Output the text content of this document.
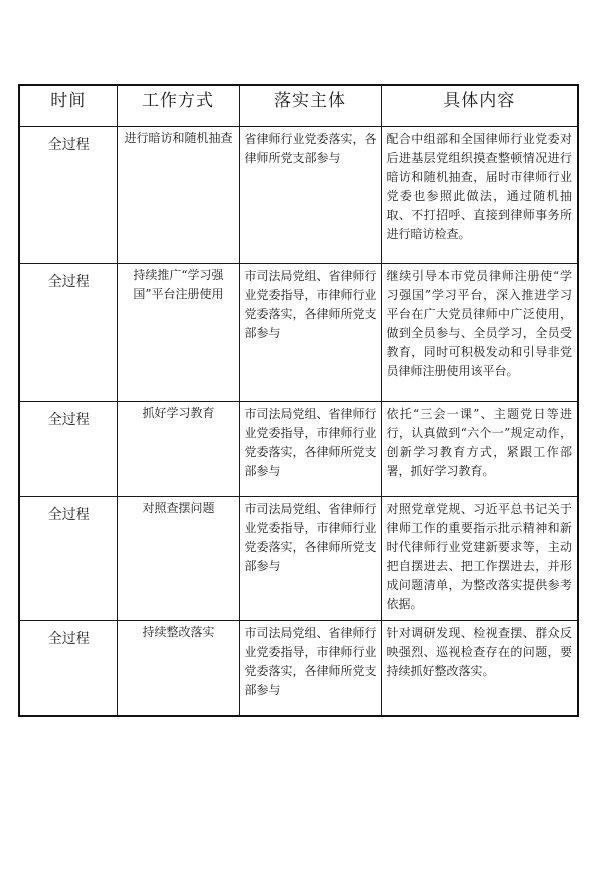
时间	工作方式	落实主体	具体内容

全过程	进行暗访和随机抽查	省律师行业党委落实，各律师所党支部参与	配合中组部和全国律师行业党委对后进基层党组织摸查整顿情况进行暗访和随机抽查，届时市律师行业党委也参照此做法，通过随机抽取、不打招呼、直接到律师事务所进行暗访检查。

全过程	持续推广“学习强国”平台注册使用	市司法局党组、省律师行业党委指导，市律师行业党委落实，各律师所党支部参与	继续引导本市党员律师注册使“学习强国”学习平台，深入推进学习平台在广大党员律师中广泛使用，做到全员参与、全员学习，全员受教育，同时可积极发动和引导非党员律师注册使用该平台。

全过程	抓好学习教育	市司法局党组、省律师行业党委指导，市律师行业党委落实，各律师所党支部参与	依托“三会一课”、主题党日等进行，认真做到“六个一”规定动作，创新学习教育方式，紧跟工作部署，抓好学习教育。

全过程	对照查摆问题	市司法局党组、省律师行业党委指导，市律师行业党委落实，各律师所党支部参与	对照党章党规、习近平总书记关于律师工作的重要指示批示精神和新时代律师行业党建新要求等，主动把自摆进去、把工作摆进去，并形成问题清单，为整改落实提供参考依据。

全过程	持续整改落实	市司法局党组、省律师行业党委指导，市律师行业党委落实，各律师所党支部参与	针对调研发现、检视查摆、群众反映强烈、巡视检查存在的问题，要持续抓好整改落实。
